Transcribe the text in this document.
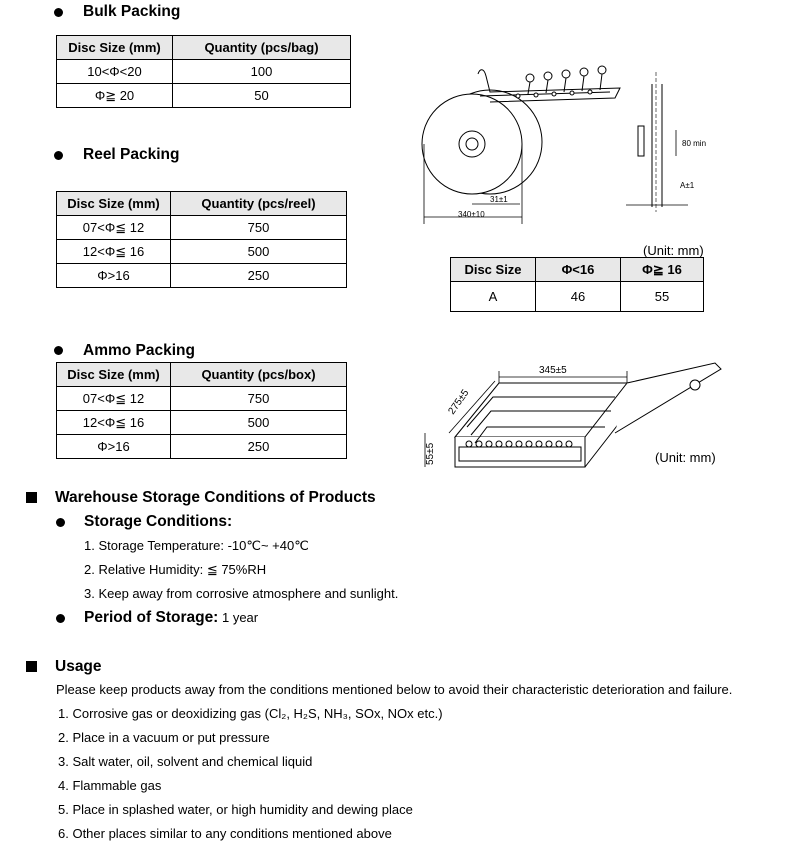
Bulk Packing
Disc Size (mm)	Quantity (pcs/bag)
10<Φ<20	100
Φ≧ 20	50
Reel Packing
Disc Size (mm)	Quantity (pcs/reel)
07<Φ≦ 12	750
12<Φ≦ 16	500
Φ>16	250
340±10
31±1
80 min
A±1
(Unit: mm)
Disc Size	Φ<16	Φ≧ 16
A	46	55
Ammo Packing
Disc Size (mm)	Quantity (pcs/box)
07<Φ≦ 12	750
12<Φ≦ 16	500
Φ>16	250
345±5
275±5
55±5	(Unit: mm)
Warehouse Storage Conditions of Products
Storage Conditions:
1. Storage Temperature: -10℃~ +40℃
2. Relative Humidity: ≦ 75%RH
3. Keep away from corrosive atmosphere and sunlight.
Period of Storage: 1 year
Usage
Please keep products away from the conditions mentioned below to avoid their characteristic deterioration and failure.
1. Corrosive gas or deoxidizing gas (Cl₂, H₂S, NH₃, SOx, NOx etc.)
2. Place in a vacuum or put pressure
3. Salt water, oil, solvent and chemical liquid
4. Flammable gas
5. Place in splashed water, or high humidity and dewing place
6. Other places similar to any conditions mentioned above
